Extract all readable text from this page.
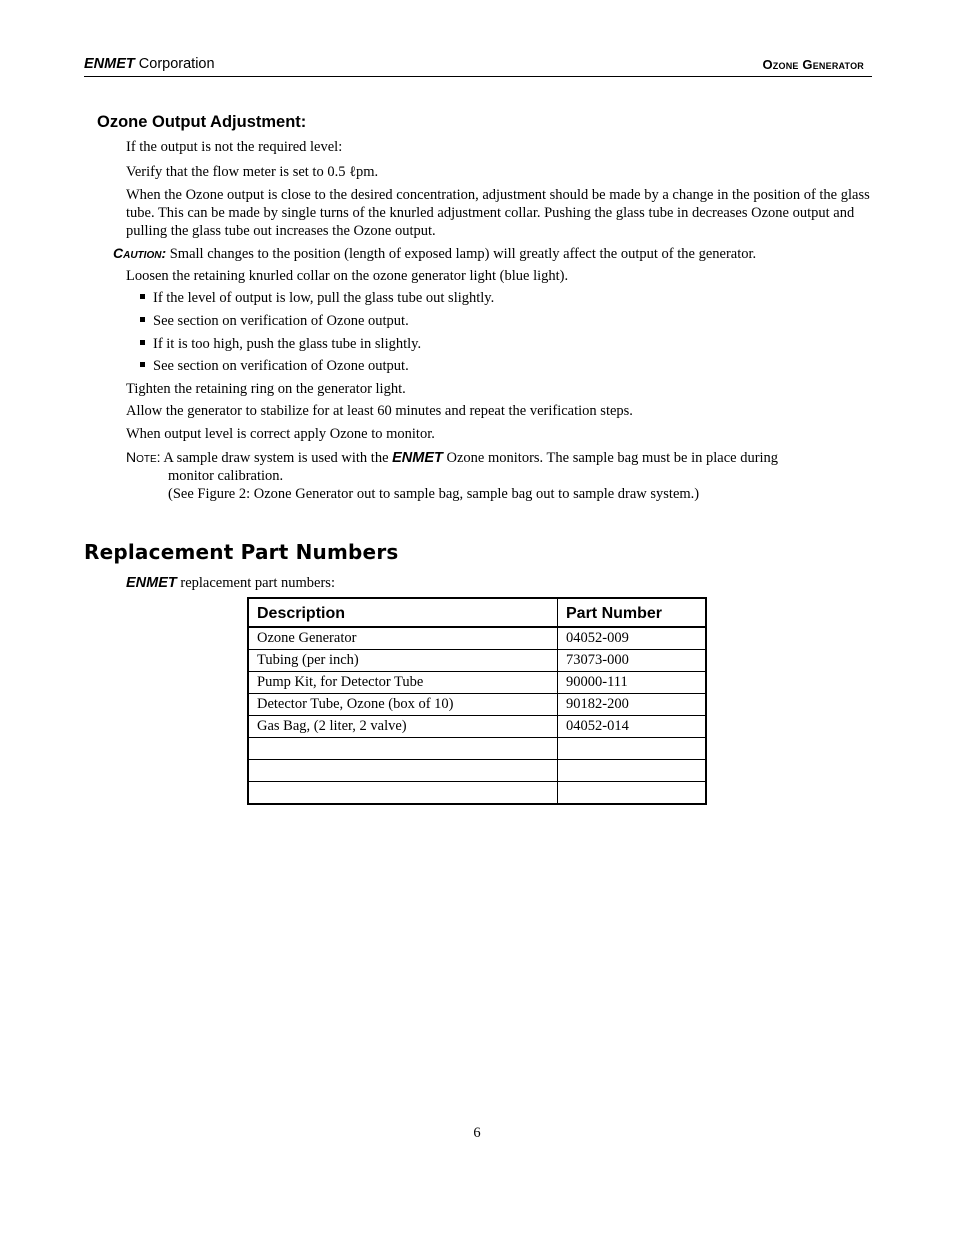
ENMET Corporation	Ozone Generator
Ozone Output Adjustment:
If the output is not the required level:
Verify that the flow meter is set to 0.5 ℓpm.
When the Ozone output is close to the desired concentration, adjustment should be made by a change in the position of the glass tube. This can be made by single turns of the knurled adjustment collar. Pushing the glass tube in decreases Ozone output and pulling the glass tube out increases the Ozone output.
Caution: Small changes to the position (length of exposed lamp) will greatly affect the output of the generator.
Loosen the retaining knurled collar on the ozone generator light (blue light).
If the level of output is low, pull the glass tube out slightly.
See section on verification of Ozone output.
If it is too high, push the glass tube in slightly.
See section on verification of Ozone output.
Tighten the retaining ring on the generator light.
Allow the generator to stabilize for at least 60 minutes and repeat the verification steps.
When output level is correct apply Ozone to monitor.
Note: A sample draw system is used with the ENMET Ozone monitors. The sample bag must be in place during
monitor calibration.
(See Figure 2: Ozone Generator out to sample bag, sample bag out to sample draw system.)
Replacement Part Numbers
ENMET replacement part numbers:
Description	Part Number
Ozone Generator	04052-009
Tubing (per inch)	73073-000
Pump Kit, for Detector Tube	90000-111
Detector Tube, Ozone (box of 10)	90182-200
Gas Bag, (2 liter, 2 valve)	04052-014

6
